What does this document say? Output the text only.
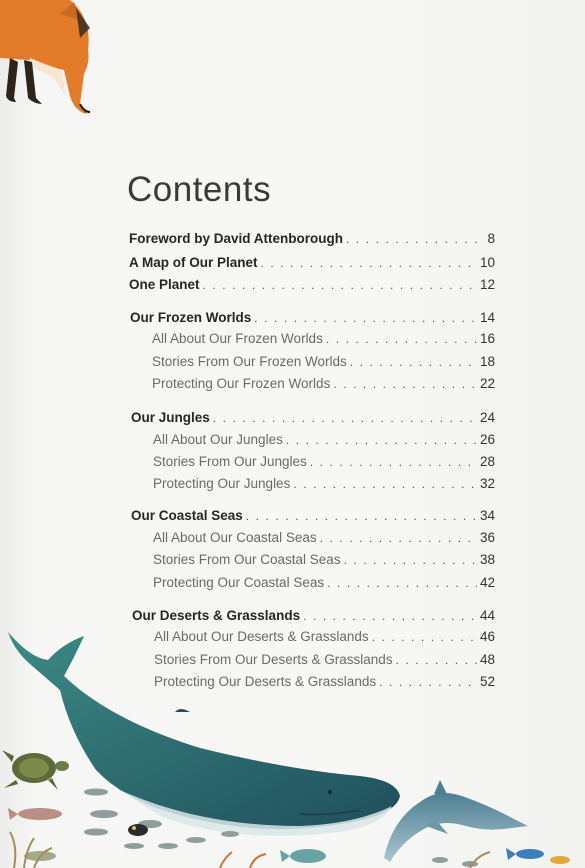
Contents
Foreword by David Attenborough . . .	8
A Map of Our Planet . . .	10
One Planet . . .	12
Our Frozen Worlds . . .	14
All About Our Frozen Worlds . . .	16
Stories From Our Frozen Worlds . . .	18
Protecting Our Frozen Worlds . . .	22
Our Jungles . . .	24
All About Our Jungles . . .	26
Stories From Our Jungles . . .	28
Protecting Our Jungles . . .	32
Our Coastal Seas . . .	34
All About Our Coastal Seas . . .	36
Stories From Our Coastal Seas . . .	38
Protecting Our Coastal Seas . . .	42
Our Deserts & Grasslands . . .	44
All About Our Deserts & Grasslands . . .	46
Stories From Our Deserts & Grasslands . . .	48
Protecting Our Deserts & Grasslands . . .	52
